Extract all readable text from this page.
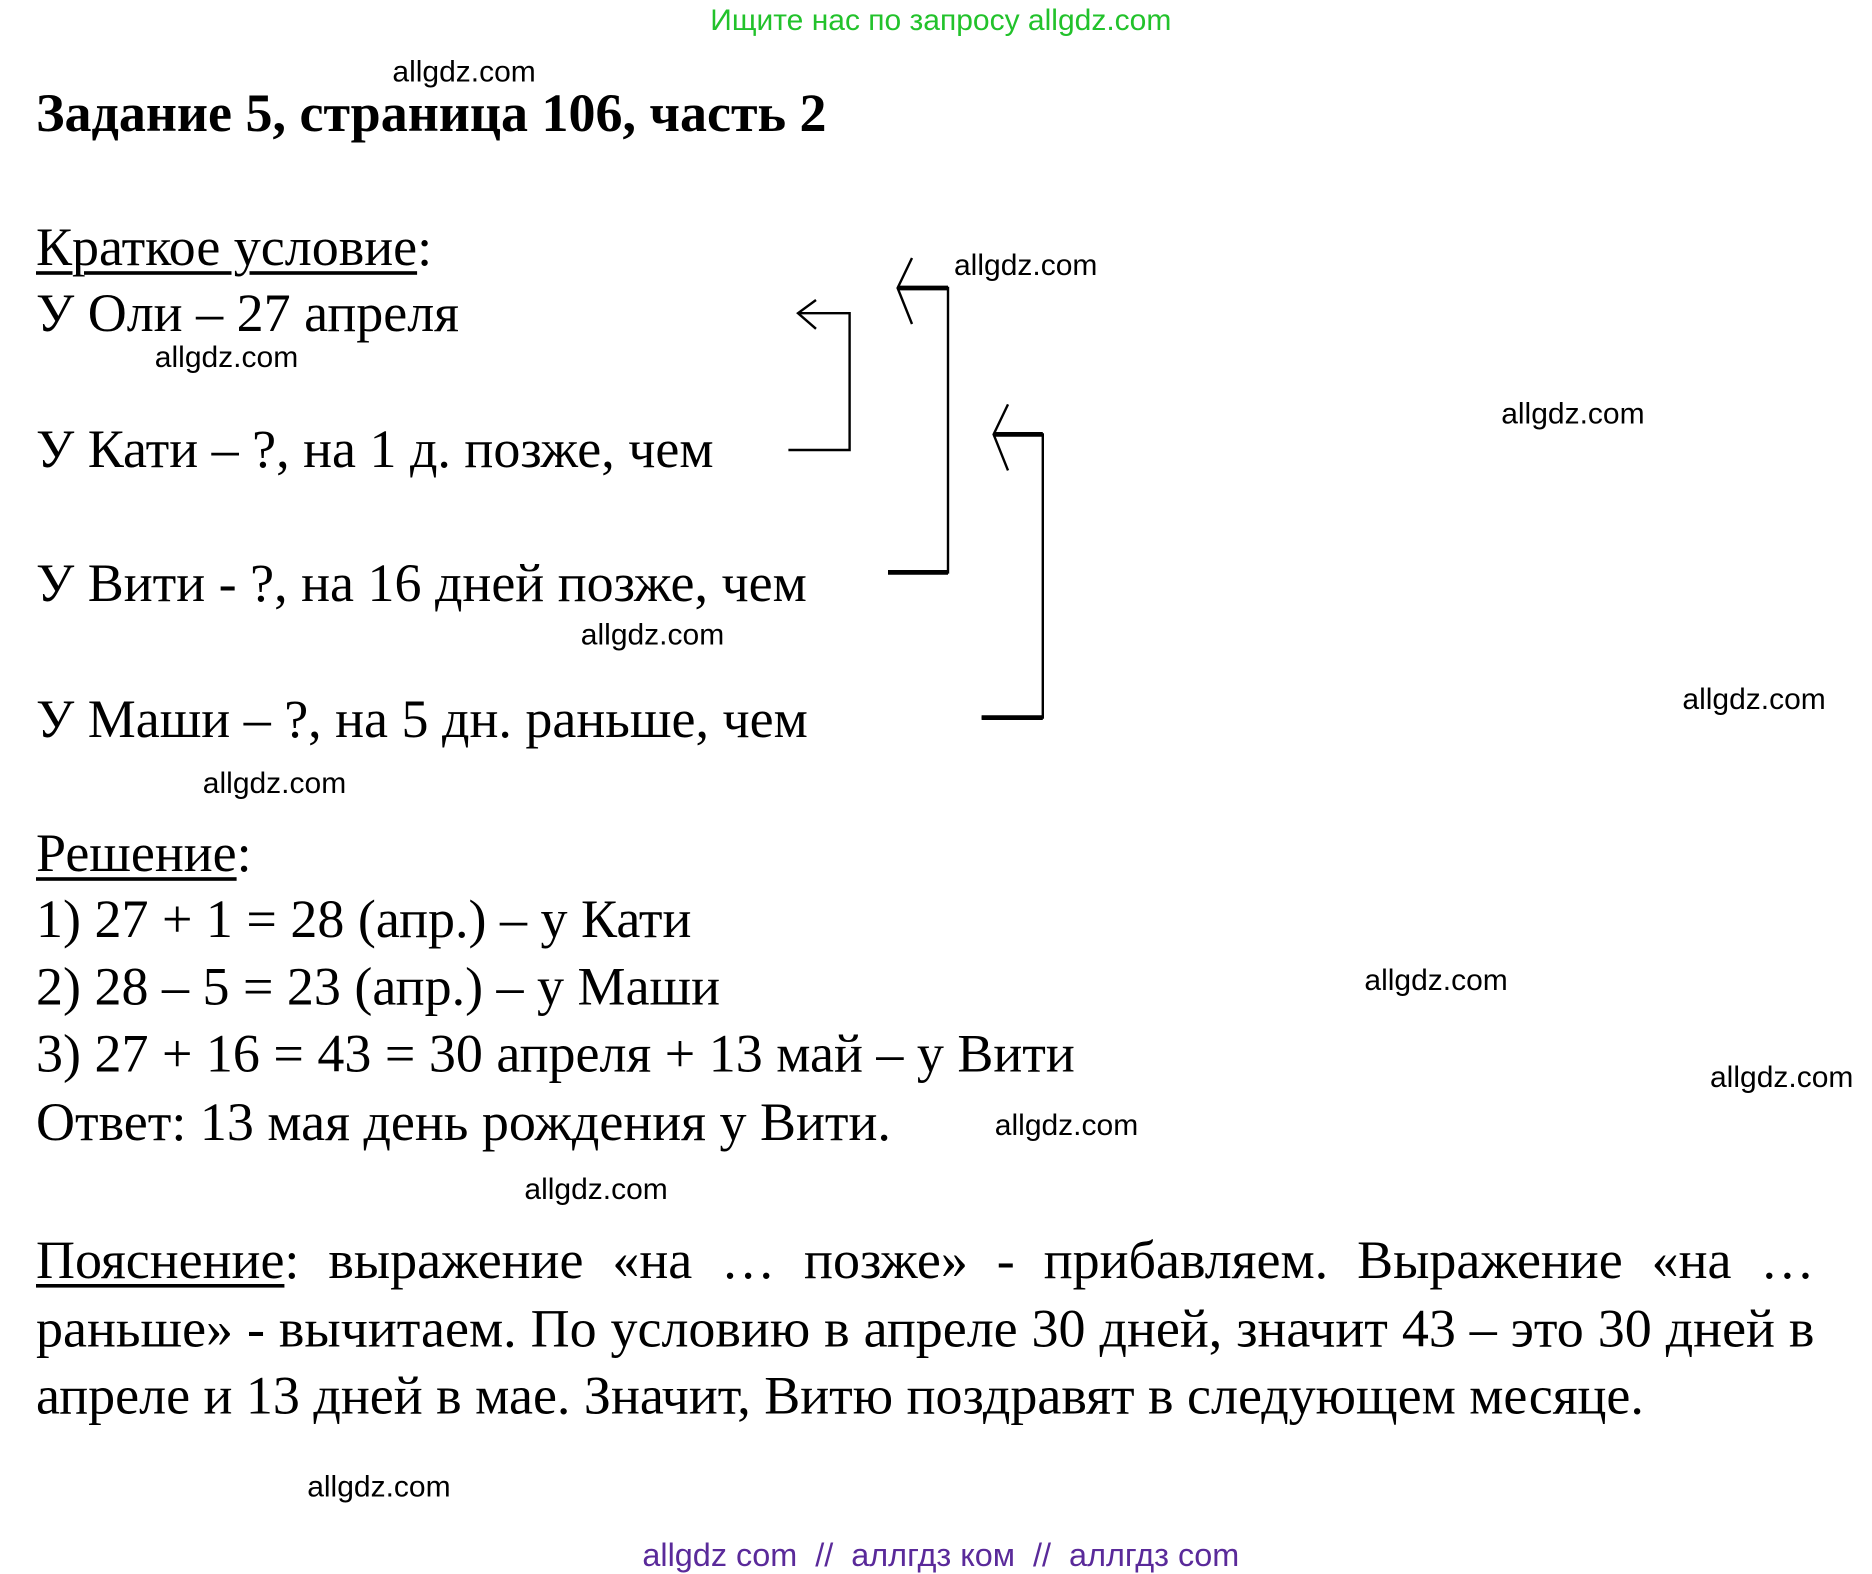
Ищите нас по запросу allgdz.com
allgdz.com
allgdz.com
allgdz.com
allgdz.com
allgdz.com
allgdz.com
allgdz.com
allgdz.com
allgdz.com
allgdz.com
allgdz.com
allgdz.com
Задание 5, страница 106, часть 2
Краткое условие:
У Оли – 27 апреля
У Кати – ?, на 1 д. позже, чем
У Вити - ?, на 16 дней позже, чем
У Маши – ?, на 5 дн. раньше, чем
Решение:
1) 27 + 1 = 28 (апр.) – у Кати
2) 28 – 5 = 23 (апр.) – у Маши
3) 27 + 16 = 43 = 30 апреля + 13 май – у Вити
Ответ: 13 мая день рождения у Вити.
Пояснение: выражение «на … позже» - прибавляем. Выражение «на … раньше» - вычитаем. По условию в апреле 30 дней, значит 43 – это 30 дней в апреле и 13 дней в мае. Значит, Витю поздравят в следующем месяце.
allgdz com  //  аллгдз ком  //  аллгдз com
